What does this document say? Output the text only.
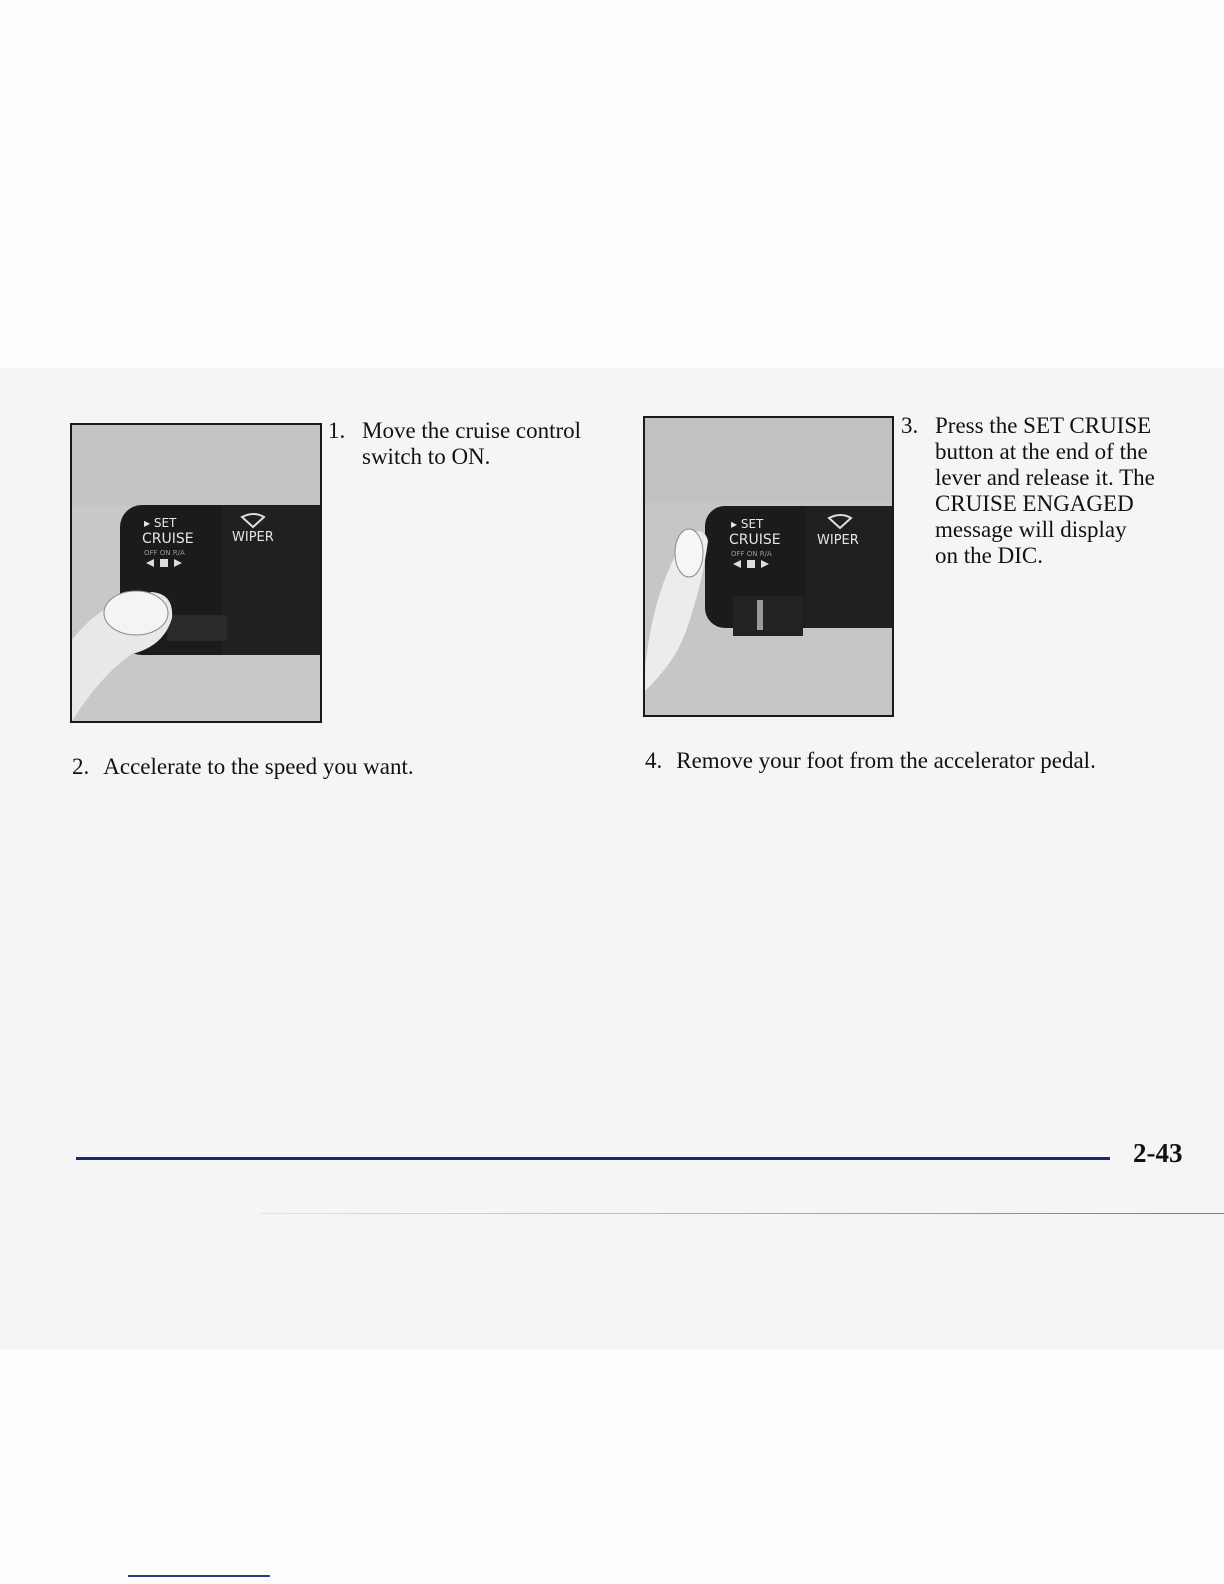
▸ SET
CRUISE
OFF ON R/A
WIPER
1. Move the cruise control
switch to ON.
▸ SET
CRUISE
OFF ON R/A
WIPER
3. Press the SET CRUISE
button at the end of the
lever and release it. The
CRUISE ENGAGED
message will display
on the DIC.
2. Accelerate to the speed you want.	4. Remove your foot from the accelerator pedal.

2-43
